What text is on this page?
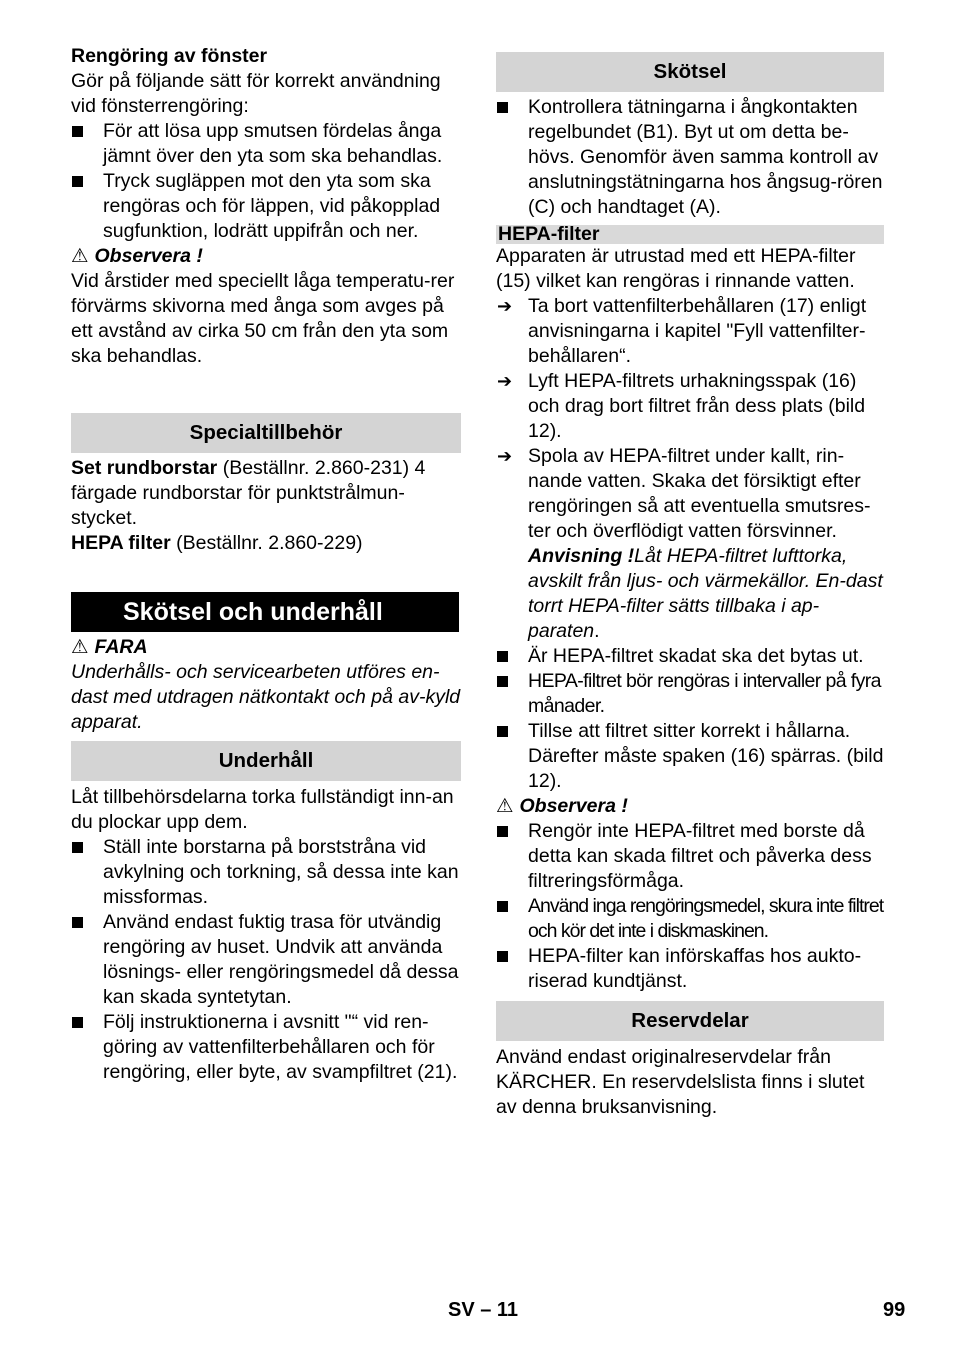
Rengöring av fönster

Gör på följande sätt för korrekt användning vid fönsterrengöring:

För att lösa upp smutsen fördelas ånga jämnt över den yta som ska behandlas.
Tryck sugläppen mot den yta som ska rengöras och för läppen, vid påkopplad sugfunktion, lodrätt uppifrån och ner.

⚠ Observera !

Vid årstider med speciellt låga temperatu-rer förvärms skivorna med ånga som avges på ett avstånd av cirka 50 cm från den yta som ska behandlas.

Specialtillbehör

Set rundborstar (Beställnr. 2.860-231) 4 färgade rundborstar för punktstrålmun-stycket.

HEPA filter (Beställnr. 2.860-229)

Skötsel och underhåll

⚠ FARA

Underhålls- och servicearbeten utföres en-dast med utdragen nätkontakt och på av-kyld apparat.

Underhåll

Låt tillbehörsdelarna torka fullständigt inn-an du plockar upp dem.

Ställ inte borstarna på borststråna vid avkylning och torkning, så dessa inte kan missformas.
Använd endast fuktig trasa för utvändig rengöring av huset. Undvik att använda lösnings- eller rengöringsmedel då dessa kan skada syntetytan.
Följ instruktionerna i avsnitt "“ vid ren-göring av vattenfilterbehållaren och för rengöring, eller byte, av svampfiltret (21).
Skötsel
Kontrollera tätningarna i ångkontakten regelbundet (B1). Byt ut om detta be-hövs. Genomför även samma kontroll av anslutningstätningarna hos ångsug-rören (C) och handtaget (A).

HEPA-filter

Apparaten är utrustad med ett HEPA-filter (15) vilket kan rengöras i rinnande vatten.

➔ Ta bort vattenfilterbehållaren (17) enligt anvisningarna i kapitel "Fyll vattenfilter-behållaren“.
➔ Lyft HEPA-filtrets urhakningsspak (16) och drag bort filtret från dess plats (bild 12).
➔ Spola av HEPA-filtret under kallt, rin-nande vatten. Skaka det försiktigt efter rengöringen så att eventuella smutsres-ter och överflödigt vatten försvinner.
Anvisning !Låt HEPA-filtret lufttorka, avskilt från ljus- och värmekällor. En-dast torrt HEPA-filter sätts tillbaka i ap-paraten.
Är HEPA-filtret skadat ska det bytas ut.
HEPA-filtret bör rengöras i intervaller på fyra månader.
Tillse att filtret sitter korrekt i hållarna. Därefter måste spaken (16) spärras. (bild 12).

⚠ Observera !

Rengör inte HEPA-filtret med borste då detta kan skada filtret och påverka dess filtreringsförmåga.
Använd inga rengöringsmedel, skura inte filtret och kör det inte i diskmaskinen.
HEPA-filter kan införskaffas hos aukto-riserad kundtjänst.
Reservdelar

Använd endast originalreservdelar från KÄRCHER. En reservdelslista finns i slutet av denna bruksanvisning.

SV – 11	99
